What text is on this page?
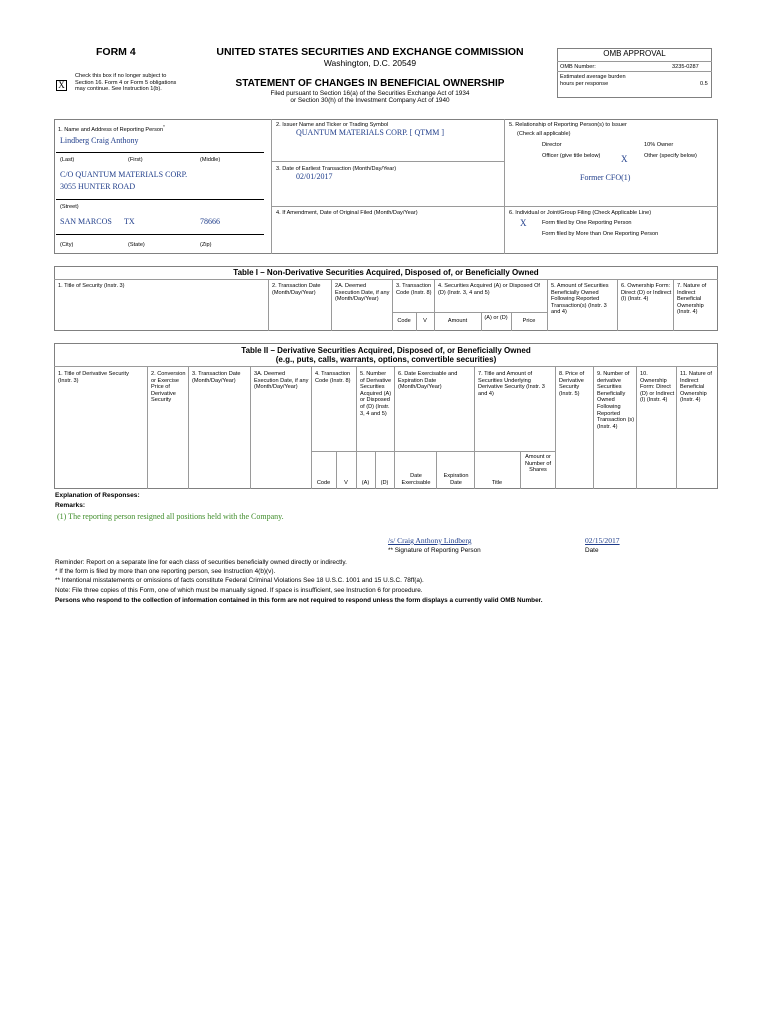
FORM 4	UNITED STATES SECURITIES AND EXCHANGE COMMISSION
Washington, D.C. 20549
STATEMENT OF CHANGES IN BENEFICIAL OWNERSHIP
Filed pursuant to Section 16(a) of the Securities Exchange Act of 1934
or Section 30(h) of the Investment Company Act of 1940
X
Check this box if no longer subject to Section 16. Form 4 or Form 5 obligations may continue. See Instruction 1(b).
OMB APPROVAL
OMB Number:	3235-0287
Estimated average burden hours per response	0.5
1. Name and Address of Reporting Person*
Lindberg Craig Anthony
(Last)	(First)	(Middle)
C/O QUANTUM MATERIALS CORP.
3055 HUNTER ROAD
(Street)
SAN MARCOS TX	78666
(City)	(State)	(Zip)
2. Issuer Name and Ticker or Trading Symbol
QUANTUM MATERIALS CORP. [ QTMM ]
3. Date of Earliest Transaction (Month/Day/Year)
02/01/2017
4. If Amendment, Date of Original Filed (Month/Day/Year)
5. Relationship of Reporting Person(s) to Issuer
(Check all applicable)
Director	10% Owner
Officer (give title below)	X	Other (specify below)
Former CFO(1)
6. Individual or Joint/Group Filing (Check Applicable Line)
X	Form filed by One Reporting Person
Form filed by More than One Reporting Person
Table I – Non-Derivative Securities Acquired, Disposed of, or Beneficially Owned
1. Title of Security (Instr. 3)	2. Transaction Date (Month/Day/Year)
2A. Deemed Execution Date, if any (Month/Day/Year)
3. Transaction Code (Instr. 8)
4. Securities Acquired (A) or Disposed Of (D) (Instr. 3, 4 and 5)
5. Amount of Securities Beneficially Owned Following Reported Transaction(s) (Instr. 3 and 4)
6. Ownership Form: Direct (D) or Indirect (I) (Instr. 4)
7. Nature of Indirect Beneficial Ownership (Instr. 4)
Code	V	Amount	(A) or (D)	Price
Table II – Derivative Securities Acquired, Disposed of, or Beneficially Owned
(e.g., puts, calls, warrants, options, convertible securities)
1. Title of Derivative Security (Instr. 3)
2. Conversion or Exercise Price of Derivative Security
3. Transaction Date (Month/Day/Year)
3A. Deemed Execution Date, if any (Month/Day/Year)
4. Transaction Code (Instr. 8)
5. Number of Derivative Securities Acquired (A) or Disposed of (D) (Instr. 3, 4 and 5)
6. Date Exercisable and Expiration Date (Month/Day/Year)
7. Title and Amount of Securities Underlying Derivative Security (Instr. 3 and 4)
8. Price of Derivative Security (Instr. 5)
9. Number of derivative Securities Beneficially Owned Following Reported Transaction (s) (Instr. 4)
10. Ownership Form: Direct (D) or Indirect (I) (Instr. 4)
11. Nature of Indirect Beneficial Ownership (Instr. 4)
Code	V	(A)	(D)
Date Exercisable
Expiration Date	Title
Amount or Number of Shares
Explanation of Responses:
Remarks:
(1) The reporting person resigned all positions held with the Company.
/s/ Craig Anthony Lindberg	02/15/2017
** Signature of Reporting Person	Date
Reminder: Report on a separate line for each class of securities beneficially owned directly or indirectly.
* If the form is filed by more than one reporting person, see Instruction 4(b)(v).
** Intentional misstatements or omissions of facts constitute Federal Criminal Violations See 18 U.S.C. 1001 and 15 U.S.C. 78ff(a).
Note: File three copies of this Form, one of which must be manually signed. If space is insufficient, see Instruction 6 for procedure.
Persons who respond to the collection of information contained in this form are not required to respond unless the form displays a currently valid OMB Number.
